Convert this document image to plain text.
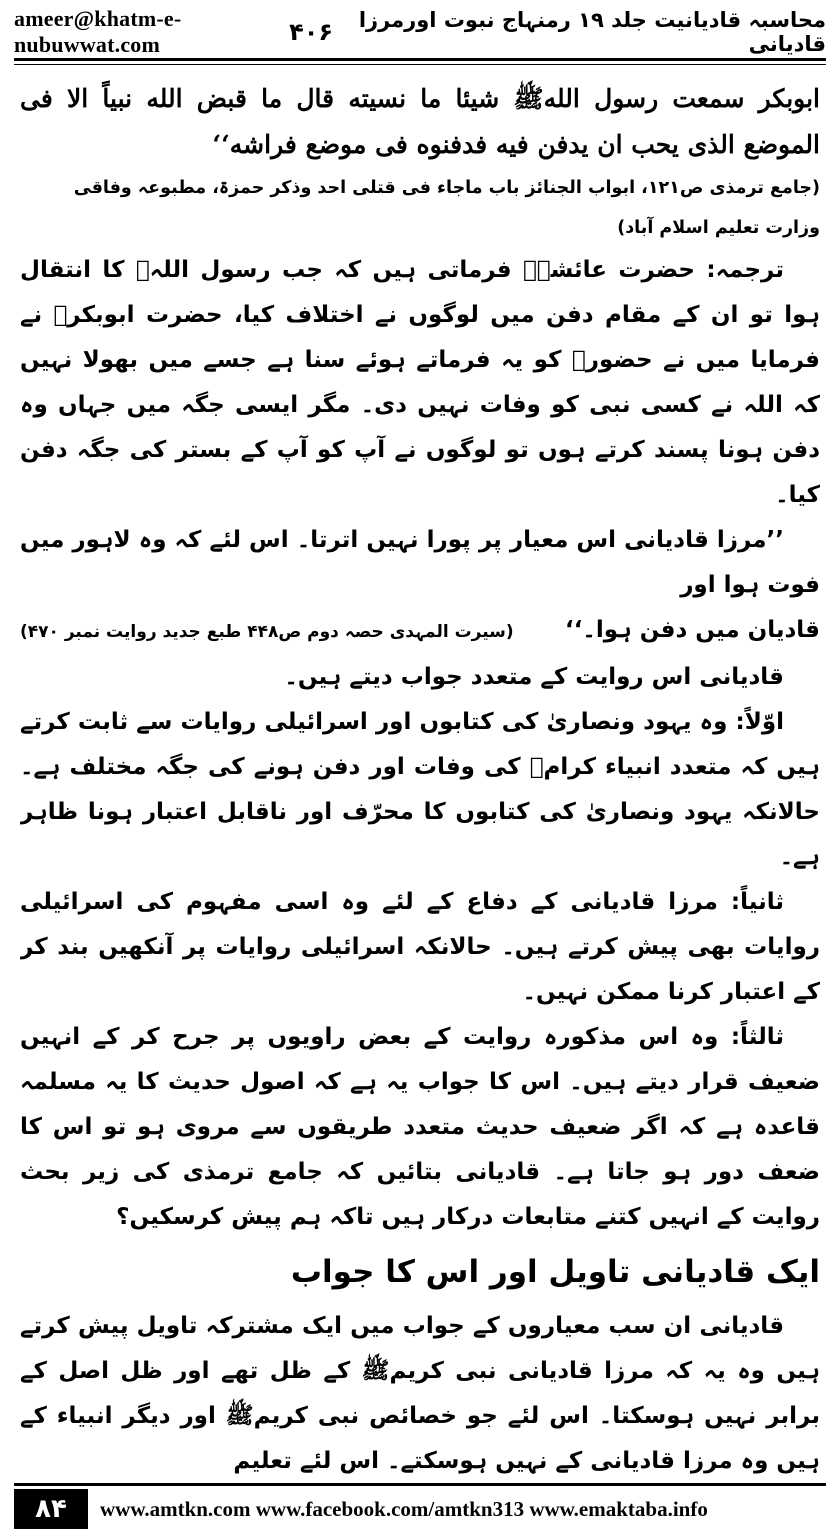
ameer@khatm-e-nubuwwat.com
محاسبہ قادیانیت جلد ۱۹ رمنہاج نبوت اورمرزا قادیانی
۴۰۶

ابوبکر سمعت رسول اللهﷺ شیئا ما نسیته قال ما قبض الله نبیاً الا فی الموضع الذی یحب ان یدفن فیه فدفنوه فی موضع فراشه‘‘

(جامع ترمذی ص۱۲۱، ابواب الجنائز باب ماجاء فی قتلی احد وذکر حمزۃ، مطبوعہ وفاقی وزارت تعلیم اسلام آباد)

ترجمہ: حضرت عائشہؓ فرماتی ہیں کہ جب رسول اللہﷺ کا انتقال ہوا تو ان کے مقام دفن میں لوگوں نے اختلاف کیا، حضرت ابوبکرؓ نے فرمایا میں نے حضورؑ کو یہ فرماتے ہوئے سنا ہے جسے میں بھولا نہیں کہ اللہ نے کسی نبی کو وفات نہیں دی۔ مگر ایسی جگہ میں جہاں وہ دفن ہونا پسند کرتے ہوں تو لوگوں نے آپ کو آپ کے بستر کی جگہ دفن کیا۔

’’مرزا قادیانی اس معیار پر پورا نہیں اترتا۔ اس لئے کہ وہ لاہور میں فوت ہوا اور

قادیان میں دفن ہوا۔‘‘
(سیرت المہدی حصہ دوم ص۴۴۸ طبع جدید روایت نمبر ۴۷۰)

قادیانی اس روایت کے متعدد جواب دیتے ہیں۔

اوّلاً: وہ یہود ونصاریٰ کی کتابوں اور اسرائیلی روایات سے ثابت کرتے ہیں کہ متعدد انبیاء کرامؑ کی وفات اور دفن ہونے کی جگہ مختلف ہے۔ حالانکہ یہود ونصاریٰ کی کتابوں کا محرّف اور ناقابل اعتبار ہونا ظاہر ہے۔

ثانیاً: مرزا قادیانی کے دفاع کے لئے وہ اسی مفہوم کی اسرائیلی روایات بھی پیش کرتے ہیں۔ حالانکہ اسرائیلی روایات پر آنکھیں بند کر کے اعتبار کرنا ممکن نہیں۔

ثالثاً: وہ اس مذکورہ روایت کے بعض راویوں پر جرح کر کے انہیں ضعیف قرار دیتے ہیں۔ اس کا جواب یہ ہے کہ اصول حدیث کا یہ مسلمہ قاعدہ ہے کہ اگر ضعیف حدیث متعدد طریقوں سے مروی ہو تو اس کا ضعف دور ہو جاتا ہے۔ قادیانی بتائیں کہ جامع ترمذی کی زیر بحث روایت کے انہیں کتنے متابعات درکار ہیں تاکہ ہم پیش کرسکیں؟

ایک قادیانی تاویل اور اس کا جواب

قادیانی ان سب معیاروں کے جواب میں ایک مشترکہ تاویل پیش کرتے ہیں وہ یہ کہ مرزا قادیانی نبی کریمﷺ کے ظل تھے اور ظل اصل کے برابر نہیں ہوسکتا۔ اس لئے جو خصائص نبی کریمﷺ اور دیگر انبیاء کے ہیں وہ مرزا قادیانی کے نہیں ہوسکتے۔ اس لئے تعلیم

۸۴	www.amtkn.com www.facebook.com/amtkn313 www.emaktaba.info
